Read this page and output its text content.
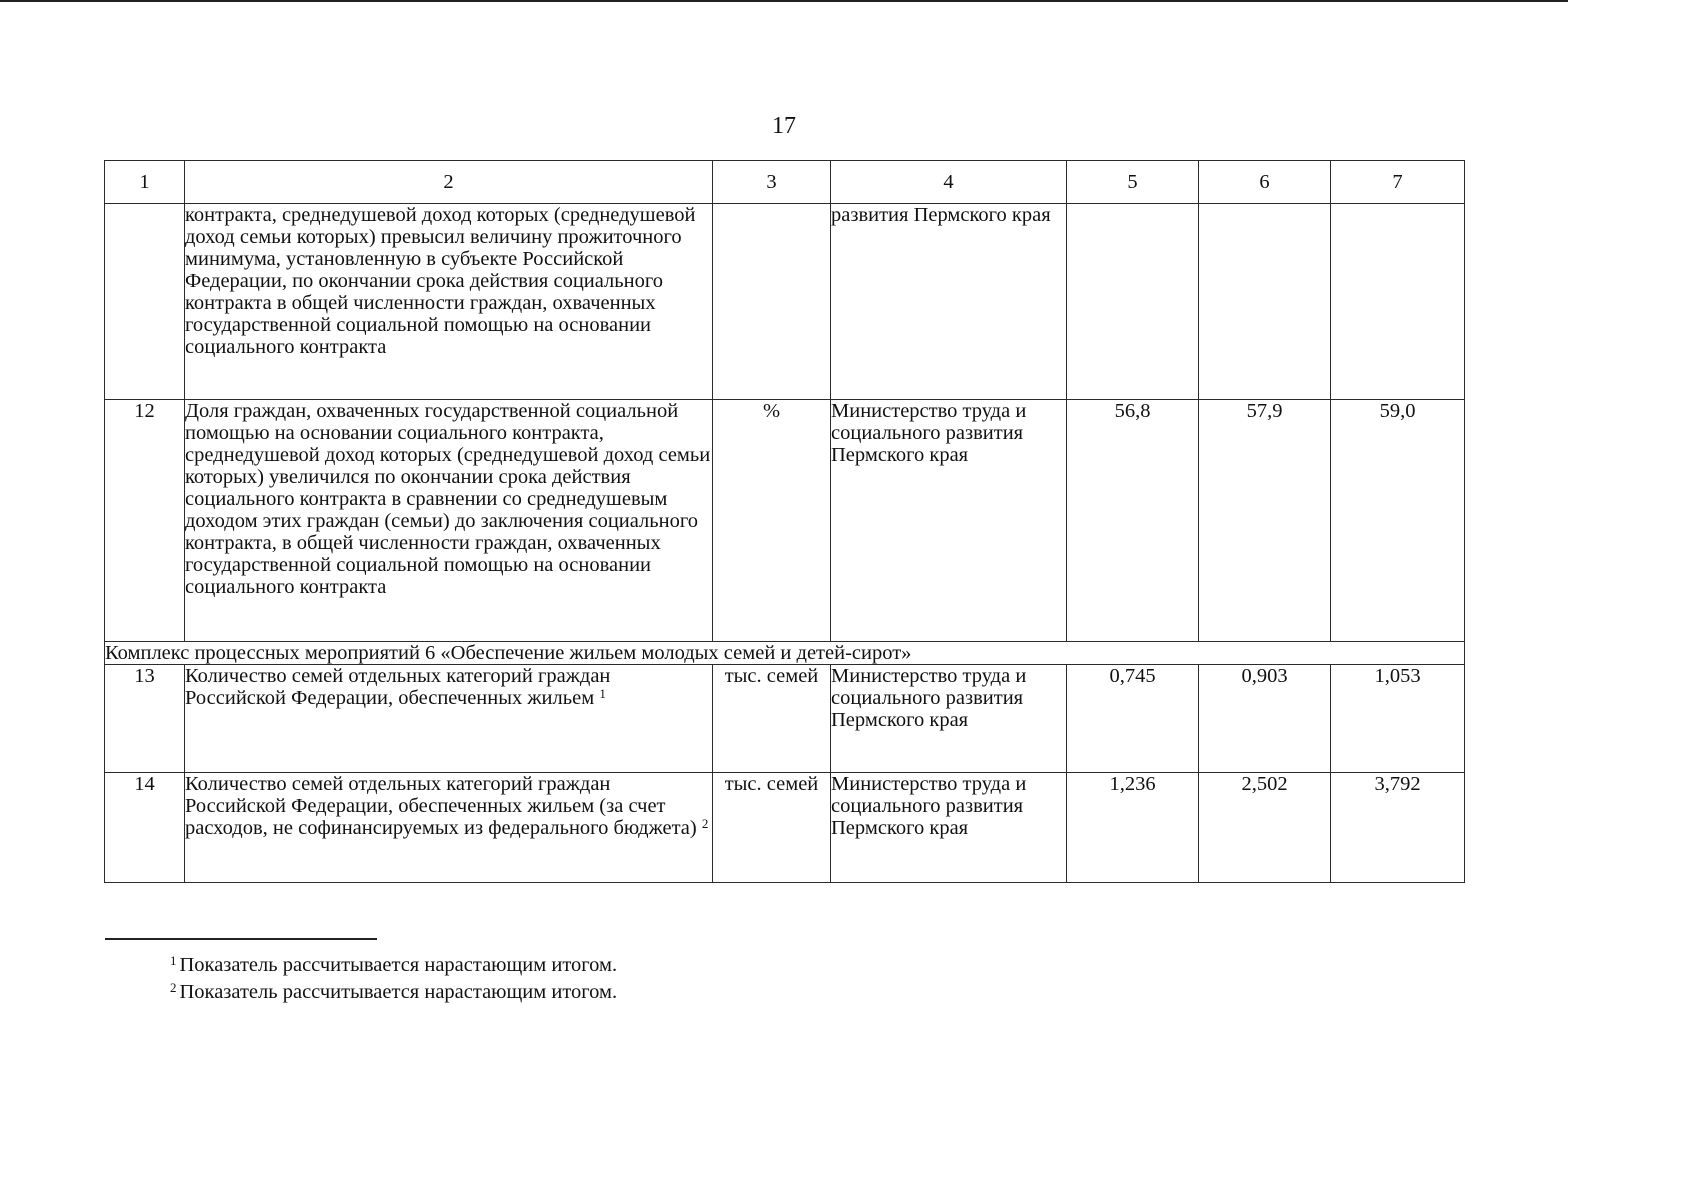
17
1	2	3	4	5	6	7
	контракта, среднедушевой доход которых (среднедушевой доход семьи которых) превысил величину прожиточного минимума, установленную в субъекте Российской Федерации, по окончании срока действия социального контракта в общей численности граждан, охваченных государственной социальной помощью на основании социального контракта		развития Пермского края			
12	Доля граждан, охваченных государственной социальной помощью на основании социального контракта, среднедушевой доход которых (среднедушевой доход семьи которых) увеличился по окончании срока действия социального контракта в сравнении со среднедушевым доходом этих граждан (семьи) до заключения социального контракта, в общей численности граждан, охваченных государственной социальной помощью на основании социального контракта	%	Министерство труда и социального развития Пермского края	56,8	57,9	59,0
Комплекс процессных мероприятий 6 «Обеспечение жильем молодых семей и детей-сирот»						
13	Количество семей отдельных категорий граждан Российской Федерации, обеспеченных жильем $^1$	тыс. семей	Министерство труда и социального развития Пермского края	0,745	0,903	1,053
14	Количество семей отдельных категорий граждан Российской Федерации, обеспеченных жильем (за счет расходов, не софинансируемых из федерального бюджета) $^2$	тыс. семей	Министерство труда и социального развития Пермского края	1,236	2,502	3,792
$^1$ Показатель рассчитывается нарастающим итогом.
$^2$ Показатель рассчитывается нарастающим итогом.
